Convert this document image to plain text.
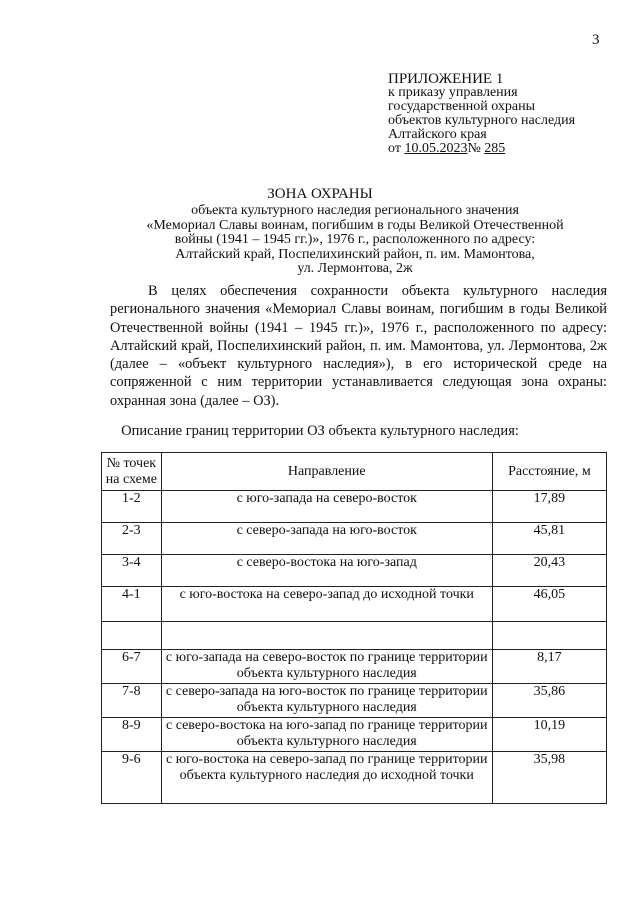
3
ПРИЛОЖЕНИЕ 1
к приказу управления
государственной охраны
объектов культурного наследия
Алтайского края
от 10.05.2023№ 285
ЗОНА ОХРАНЫ
объекта культурного наследия регионального значения
«Мемориал Славы воинам, погибшим в годы Великой Отечественной
войны (1941 – 1945 гг.)», 1976 г., расположенного по адресу:
Алтайский край, Поспелихинский район, п. им. Мамонтова,
ул. Лермонтова, 2ж
В целях обеспечения сохранности объекта культурного наследия регионального значения «Мемориал Славы воинам, погибшим в годы Великой Отечественной войны (1941 – 1945 гг.)», 1976 г., расположенного по адресу: Алтайский край, Поспелихинский район, п. им. Мамонтова, ул. Лермонтова, 2ж (далее – «объект культурного наследия»), в его исторической среде на сопряженной с ним территории устанавливается следующая зона охраны: охранная зона (далее – ОЗ).
Описание границ территории ОЗ объекта культурного наследия:
№ точек на схеме	Направление	Расстояние, м
1-2	с юго-запада на северо-восток	17,89
2-3	с северо-запада на юго-восток	45,81
3-4	с северо-востока на юго-запад	20,43
4-1	с юго-востока на северо-запад до исходной точки	46,05

6-7	с юго-запада на северо-восток по границе территории объекта культурного наследия	8,17
7-8	с северо-запада на юго-восток по границе территории объекта культурного наследия	35,86
8-9	с северо-востока на юго-запад по границе территории объекта культурного наследия	10,19
9-6	с юго-востока на северо-запад по границе территории объекта культурного наследия до исходной точки	35,98
